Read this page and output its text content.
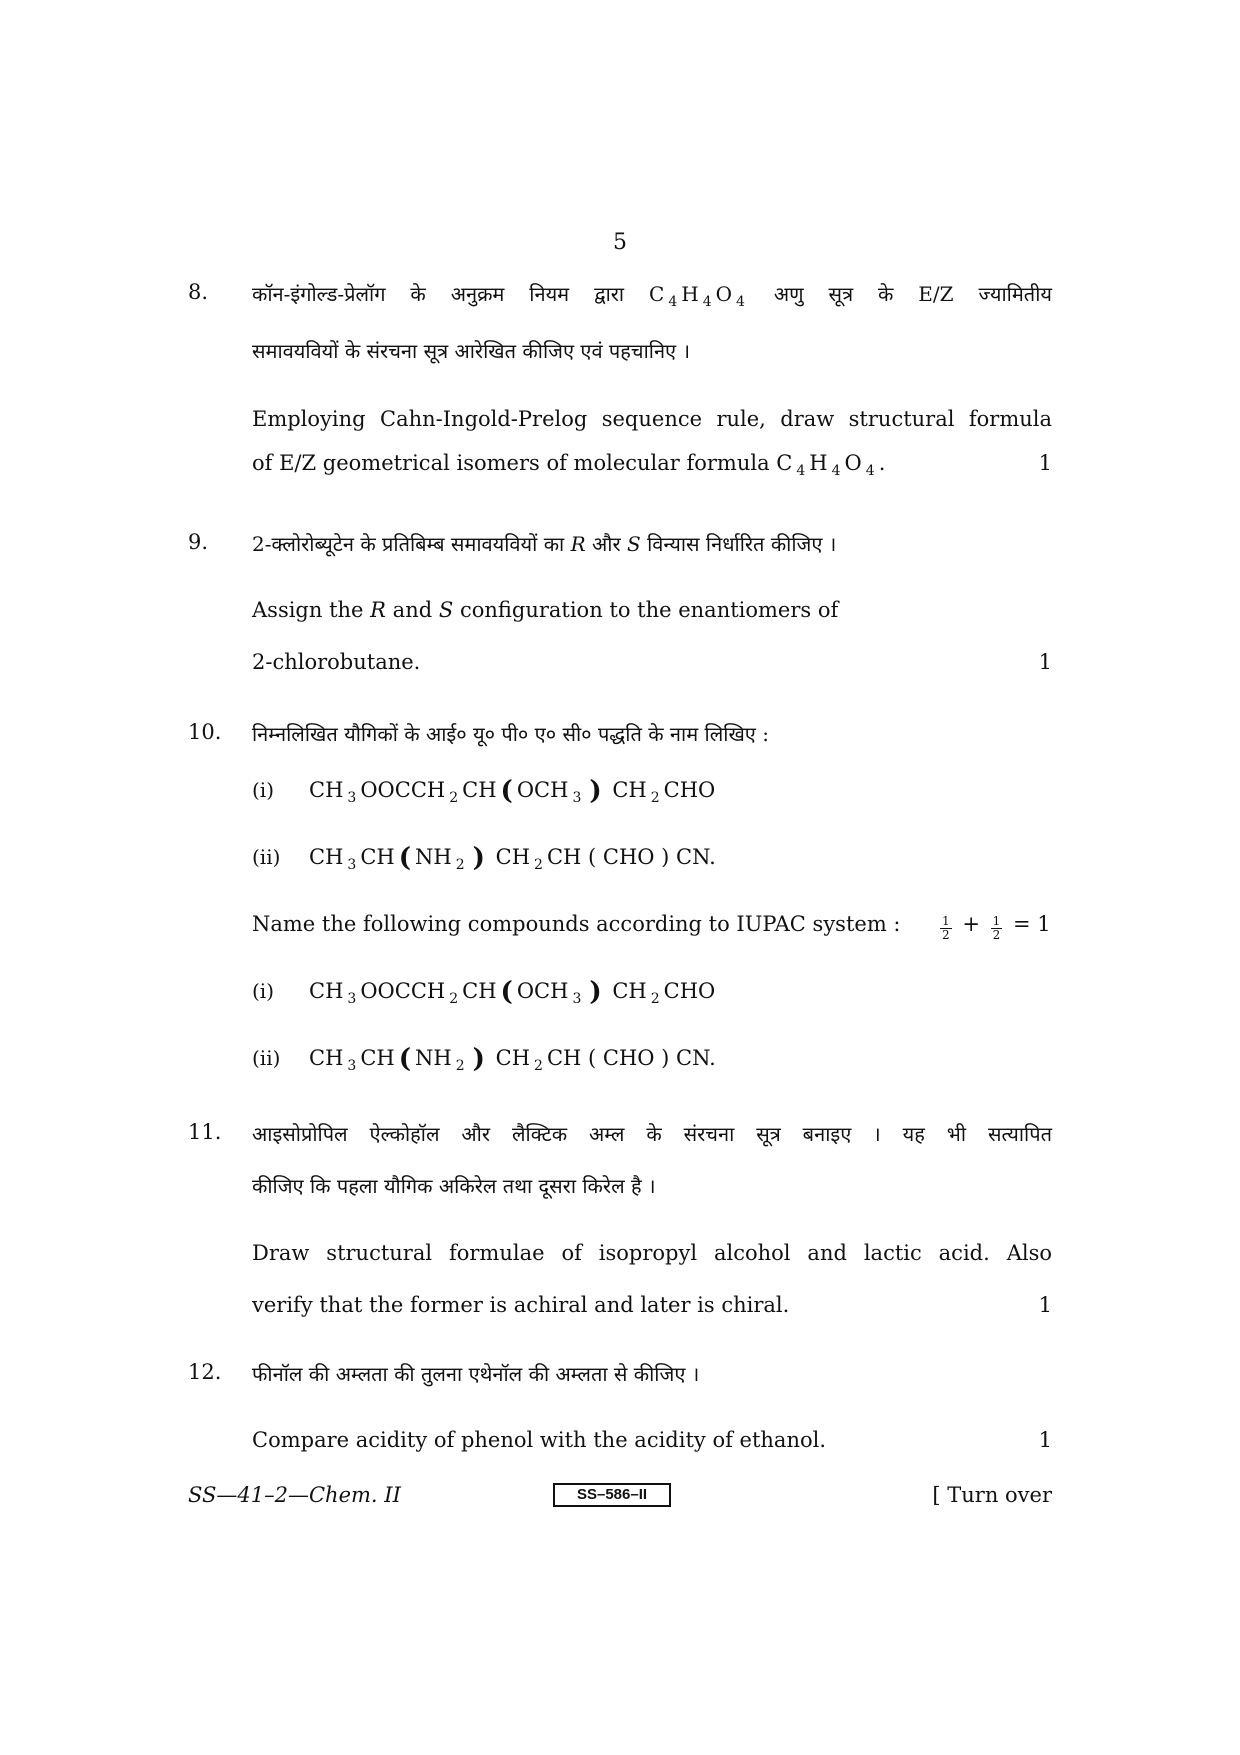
5
8. कॉन-इंगोल्ड-प्रेलॉग के अनुक्रम नियम द्वारा C $_4$ H $_4$ O $_4$ अणु सूत्र के E/Z ज्यामितीय
समावयवियों के संरचना सूत्र आरेखित कीजिए एवं पहचानिए ।
Employing Cahn-Ingold-Prelog sequence rule, draw structural formula
of E/Z geometrical isomers of molecular formula C $_4$ H $_4$ O $_4$ .	1
9. 2-क्लोरोब्यूटेन के प्रतिबिम्ब समावयवियों का R और S विन्यास निर्धारित कीजिए ।
Assign the R and S configuration to the enantiomers of
2-chlorobutane.	1
10. निम्नलिखित यौगिकों के आई० यू० पी० ए० सी० पद्धति के नाम लिखिए :
(i) CH $_3$ OOCCH $_2$ CH ( OCH $_3$ ) CH $_2$ CHO
(ii) CH $_3$ CH ( NH $_2$ ) CH $_2$ CH ( CHO ) CN.
Name the following compounds according to IUPAC system :	$\frac{1}{2} + \frac{1}{2} = 1$
(i) CH $_3$ OOCCH $_2$ CH ( OCH $_3$ ) CH $_2$ CHO
(ii) CH $_3$ CH ( NH $_2$ ) CH $_2$ CH ( CHO ) CN.
11. आइसोप्रोपिल ऐल्कोहॉल और लैक्टिक अम्ल के संरचना सूत्र बनाइए । यह भी सत्यापित
कीजिए कि पहला यौगिक अकिरेल तथा दूसरा किरेल है ।
Draw structural formulae of isopropyl alcohol and lactic acid. Also
verify that the former is achiral and later is chiral.	1
12. फीनॉल की अम्लता की तुलना एथेनॉल की अम्लता से कीजिए ।
Compare acidity of phenol with the acidity of ethanol.	1
SS—41–2—Chem. II	SS–586–II	[ Turn over
